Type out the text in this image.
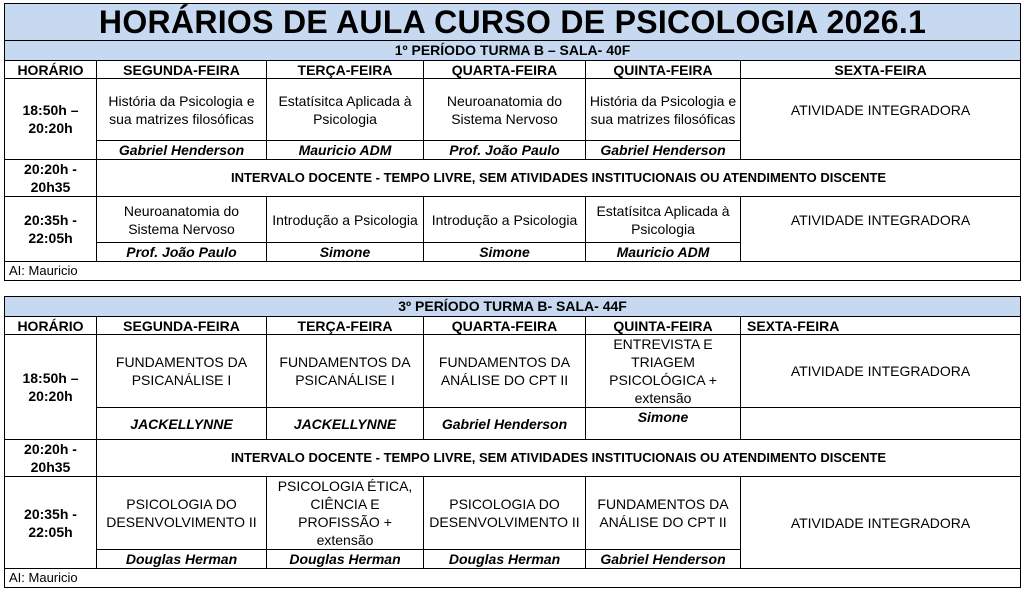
HORÁRIOS DE AULA CURSO DE PSICOLOGIA 2026.1					
1º PERÍODO TURMA B – SALA- 40F					
HORÁRIO	SEGUNDA-FEIRA	TERÇA-FEIRA	QUARTA-FEIRA	QUINTA-FEIRA	SEXTA-FEIRA
18:50h – 20:20h	História da Psicologia e sua matrizes filosóficas	Estatísitca Aplicada à Psicologia	Neuroanatomia do Sistema Nervoso	História da Psicologia e sua matrizes filosóficas	ATIVIDADE INTEGRADORA
	Gabriel Henderson	Mauricio ADM	Prof. João Paulo	Gabriel Henderson	
20:20h - 20h35	INTERVALO DOCENTE - TEMPO LIVRE, SEM ATIVIDADES INSTITUCIONAIS OU ATENDIMENTO DISCENTE				
20:35h - 22:05h	Neuroanatomia do Sistema Nervoso	Introdução a Psicologia	Introdução a Psicologia	Estatísitca Aplicada à Psicologia	ATIVIDADE INTEGRADORA
	Prof. João Paulo	Simone	Simone	Mauricio ADM	
AI: Mauricio					

3º PERÍODO TURMA B- SALA- 44F					
HORÁRIO	SEGUNDA-FEIRA	TERÇA-FEIRA	QUARTA-FEIRA	QUINTA-FEIRA	SEXTA-FEIRA
18:50h – 20:20h	FUNDAMENTOS DA PSICANÁLISE I	FUNDAMENTOS DA PSICANÁLISE I	FUNDAMENTOS DA ANÁLISE DO CPT II	ENTREVISTA E TRIAGEM PSICOLÓGICA + extensão	ATIVIDADE INTEGRADORA
	JACKELLYNNE	JACKELLYNNE	Gabriel Henderson	Simone	
20:20h - 20h35	INTERVALO DOCENTE - TEMPO LIVRE, SEM ATIVIDADES INSTITUCIONAIS OU ATENDIMENTO DISCENTE				
20:35h - 22:05h	PSICOLOGIA DO DESENVOLVIMENTO II	PSICOLOGIA ÉTICA, CIÊNCIA E PROFISSÃO + extensão	PSICOLOGIA DO DESENVOLVIMENTO II	FUNDAMENTOS DA ANÁLISE DO CPT II	ATIVIDADE INTEGRADORA
	Douglas Herman	Douglas Herman	Douglas Herman	Gabriel Henderson	
AI: Mauricio					
